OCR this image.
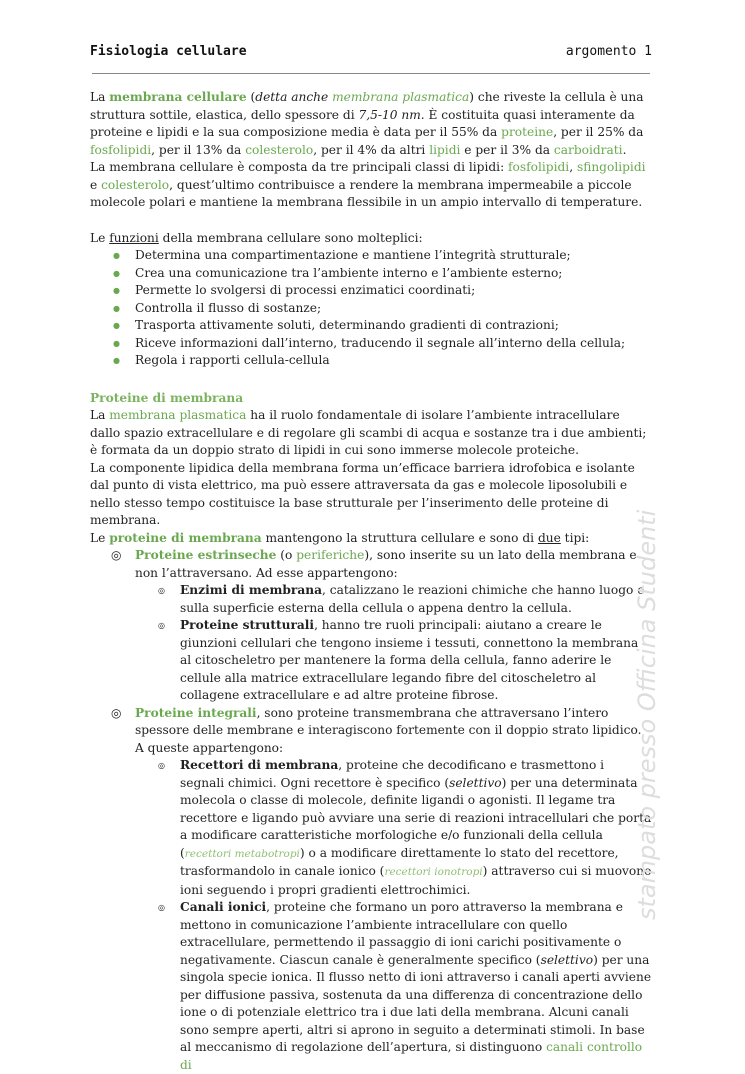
Fisiologia cellulare	argomento 1

La membrana cellulare (detta anche membrana plasmatica) che riveste la cellula è una struttura sottile, elastica, dello spessore di 7,5-10 nm. È costituita quasi interamente da proteine e lipidi e la sua composizione media è data per il 55% da proteine, per il 25% da fosfolipidi, per il 13% da colesterolo, per il 4% da altri lipidi e per il 3% da carboidrati.

La membrana cellulare è composta da tre principali classi di lipidi: fosfolipidi, sfingolipidi e colesterolo, quest’ultimo contribuisce a rendere la membrana impermeabile a piccole molecole polari e mantiene la membrana flessibile in un ampio intervallo di temperature.

Le funzioni della membrana cellulare sono molteplici:

● Determina una compartimentazione e mantiene l’integrità strutturale;
● Crea una comunicazione tra l’ambiente interno e l’ambiente esterno;
● Permette lo svolgersi di processi enzimatici coordinati;
● Controlla il flusso di sostanze;
● Trasporta attivamente soluti, determinando gradienti di contrazioni;
● Riceve informazioni dall’interno, traducendo il segnale all’interno della cellula;
● Regola i rapporti cellula-cellula

Proteine di membrana

La membrana plasmatica ha il ruolo fondamentale di isolare l’ambiente intracellulare dallo spazio extracellulare e di regolare gli scambi di acqua e sostanze tra i due ambienti; è formata da un doppio strato di lipidi in cui sono immerse molecole proteiche.

La componente lipidica della membrana forma un’efficace barriera idrofobica e isolante dal punto di vista elettrico, ma può essere attraversata da gas e molecole liposolubili e nello stesso tempo costituisce la base strutturale per l’inserimento delle proteine di membrana.

Le proteine di membrana mantengono la struttura cellulare e sono di due tipi:

◎ Proteine estrinseche (o periferiche), sono inserite su un lato della membrana e non l’attraversano. Ad esse appartengono:
◎ Enzimi di membrana, catalizzano le reazioni chimiche che hanno luogo o sulla superficie esterna della cellula o appena dentro la cellula.
◎ Proteine strutturali, hanno tre ruoli principali: aiutano a creare le giunzioni cellulari che tengono insieme i tessuti, connettono la membrana al citoscheletro per mantenere la forma della cellula, fanno aderire le cellule alla matrice extracellulare legando fibre del citoscheletro al collagene extracellulare e ad altre proteine fibrose.
◎ Proteine integrali, sono proteine transmembrana che attraversano l’intero spessore delle membrane e interagiscono fortemente con il doppio strato lipidico. A queste appartengono:
◎ Recettori di membrana, proteine che decodificano e trasmettono i segnali chimici. Ogni recettore è specifico (selettivo) per una determinata molecola o classe di molecole, definite ligandi o agonisti. Il legame tra recettore e ligando può avviare una serie di reazioni intracellulari che porta a modificare caratteristiche morfologiche e/o funzionali della cellula (recettori metabotropi) o a modificare direttamente lo stato del recettore, trasformandolo in canale ionico (recettori ionotropi) attraverso cui si muovono ioni seguendo i propri gradienti elettrochimici.
◎ Canali ionici, proteine che formano un poro attraverso la membrana e mettono in comunicazione l’ambiente intracellulare con quello extracellulare, permettendo il passaggio di ioni carichi positivamente o negativamente. Ciascun canale è generalmente specifico (selettivo) per una singola specie ionica. Il flusso netto di ioni attraverso i canali aperti avviene per diffusione passiva, sostenuta da una differenza di concentrazione dello ione o di potenziale elettrico tra i due lati della membrana. Alcuni canali sono sempre aperti, altri si aprono in seguito a determinati stimoli. In base al meccanismo di regolazione dell’apertura, si distinguono canali controllo di
stampato presso Officina Studenti
